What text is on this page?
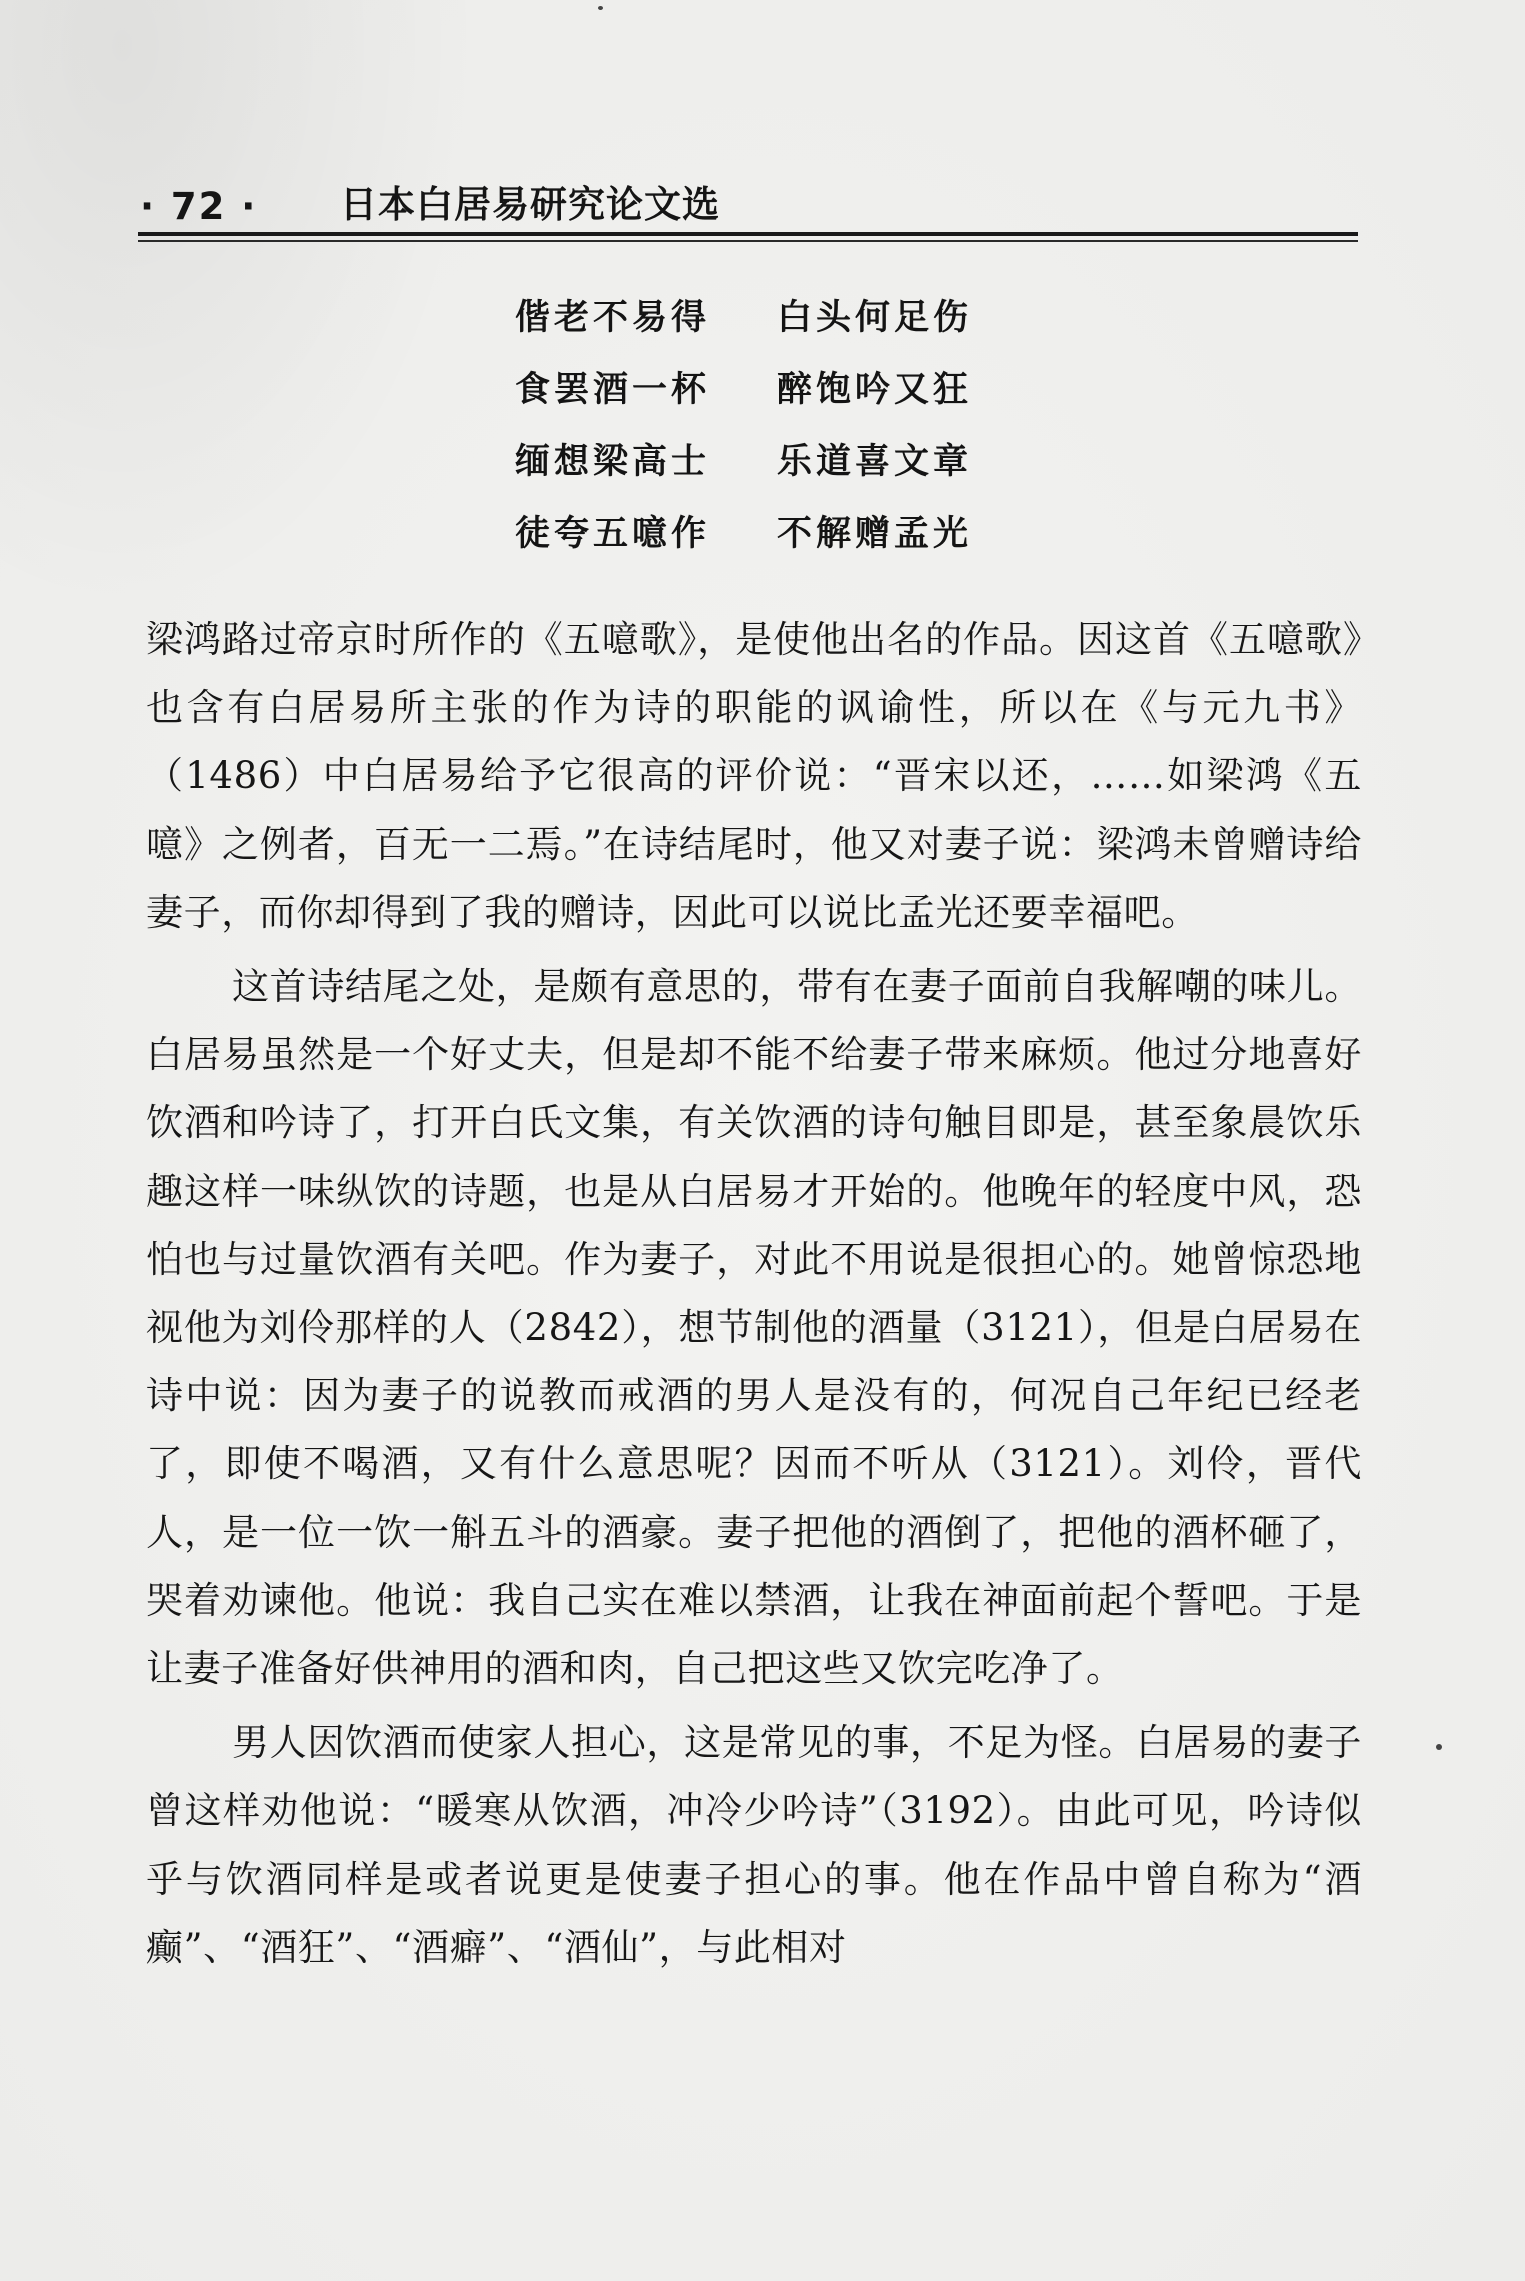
· 72 ·	日本白居易研究论文选
偕老不易得 白头何足伤
食罢酒一杯 醉饱吟又狂
缅想梁高士 乐道喜文章
徒夸五噫作 不解赠孟光

梁鸿路过帝京时所作的《五噫歌》，是使他出名的作品。因这首《五噫歌》也含有白居易所主张的作为诗的职能的讽谕性，所以在《与元九书》（1486）中白居易给予它很高的评价说：“晋宋以还，……如梁鸿《五噫》之例者，百无一二焉。”在诗结尾时，他又对妻子说：梁鸿未曾赠诗给妻子，而你却得到了我的赠诗，因此可以说比孟光还要幸福吧。

这首诗结尾之处，是颇有意思的，带有在妻子面前自我解嘲的味儿。白居易虽然是一个好丈夫，但是却不能不给妻子带来麻烦。他过分地喜好饮酒和吟诗了，打开白氏文集，有关饮酒的诗句触目即是，甚至象晨饮乐趣这样一味纵饮的诗题，也是从白居易才开始的。他晚年的轻度中风，恐怕也与过量饮酒有关吧。作为妻子，对此不用说是很担心的。她曾惊恐地视他为刘伶那样的人（2842），想节制他的酒量（3121），但是白居易在诗中说：因为妻子的说教而戒酒的男人是没有的，何况自己年纪已经老了，即使不喝酒，又有什么意思呢？因而不听从（3121）。刘伶，晋代人，是一位一饮一斛五斗的酒豪。妻子把他的酒倒了，把他的酒杯砸了，哭着劝谏他。他说：我自己实在难以禁酒，让我在神面前起个誓吧。于是让妻子准备好供神用的酒和肉，自己把这些又饮完吃净了。

男人因饮酒而使家人担心，这是常见的事，不足为怪。白居易的妻子曾这样劝他说：“暖寒从饮酒，冲冷少吟诗”（3192）。由此可见，吟诗似乎与饮酒同样是或者说更是使妻子担心的事。他在作品中曾自称为“酒癫”、“酒狂”、“酒癖”、“酒仙”，与此相对
